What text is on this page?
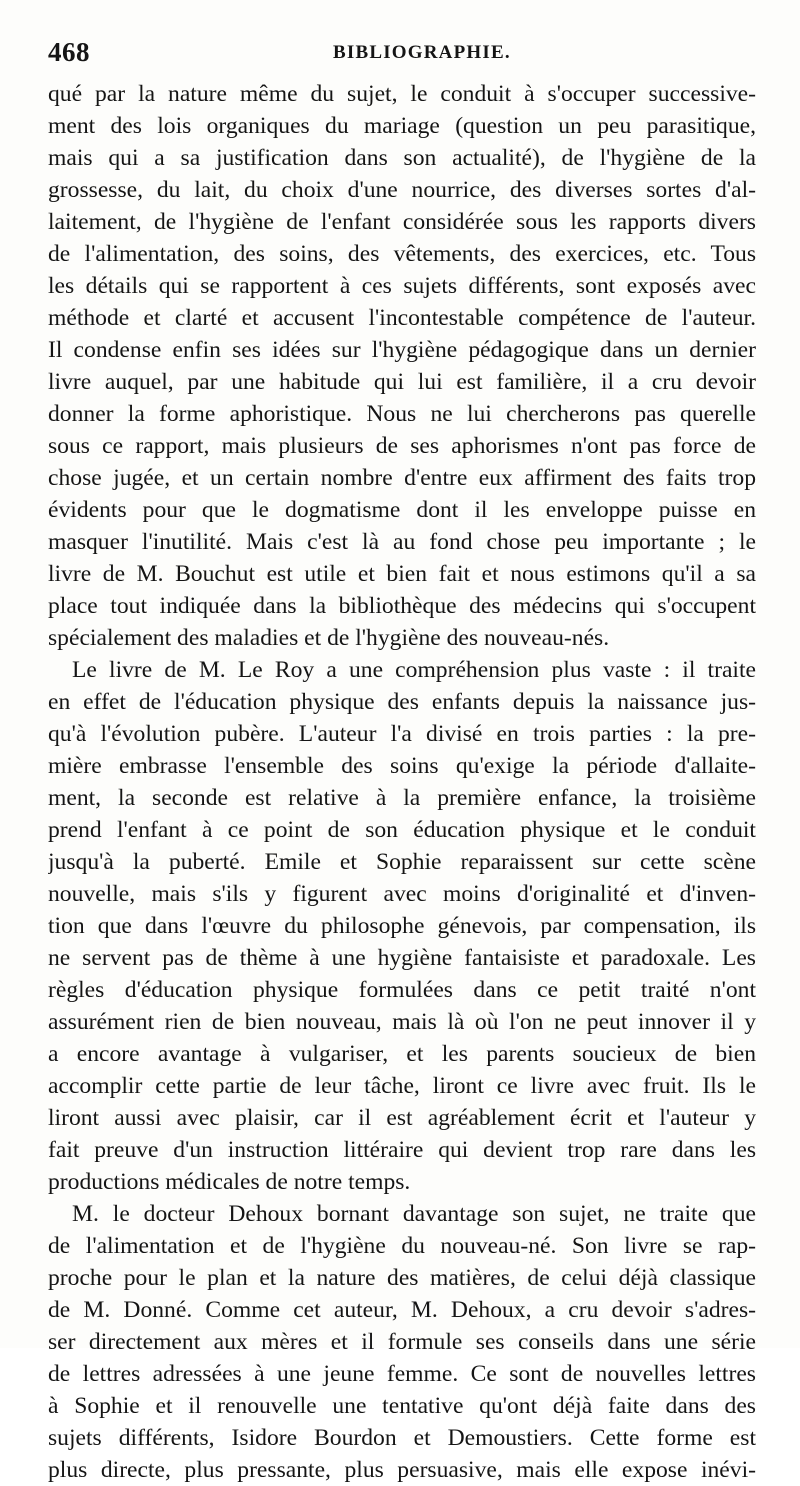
468	BIBLIOGRAPHIE.
qué par la nature même du sujet, le conduit à s'occuper successive-
ment des lois organiques du mariage (question un peu parasitique,
mais qui a sa justification dans son actualité), de l'hygiène de la
grossesse, du lait, du choix d'une nourrice, des diverses sortes d'al-
laitement, de l'hygiène de l'enfant considérée sous les rapports divers
de l'alimentation, des soins, des vêtements, des exercices, etc. Tous
les détails qui se rapportent à ces sujets différents, sont exposés avec
méthode et clarté et accusent l'incontestable compétence de l'auteur.
Il condense enfin ses idées sur l'hygiène pédagogique dans un dernier
livre auquel, par une habitude qui lui est familière, il a cru devoir
donner la forme aphoristique. Nous ne lui chercherons pas querelle
sous ce rapport, mais plusieurs de ses aphorismes n'ont pas force de
chose jugée, et un certain nombre d'entre eux affirment des faits trop
évidents pour que le dogmatisme dont il les enveloppe puisse en
masquer l'inutilité. Mais c'est là au fond chose peu importante ; le
livre de M. Bouchut est utile et bien fait et nous estimons qu'il a sa
place tout indiquée dans la bibliothèque des médecins qui s'occupent
spécialement des maladies et de l'hygiène des nouveau-nés.
Le livre de M. Le Roy a une compréhension plus vaste : il traite
en effet de l'éducation physique des enfants depuis la naissance jus-
qu'à l'évolution pubère. L'auteur l'a divisé en trois parties : la pre-
mière embrasse l'ensemble des soins qu'exige la période d'allaite-
ment, la seconde est relative à la première enfance, la troisième
prend l'enfant à ce point de son éducation physique et le conduit
jusqu'à la puberté. Emile et Sophie reparaissent sur cette scène
nouvelle, mais s'ils y figurent avec moins d'originalité et d'inven-
tion que dans l'œuvre du philosophe génevois, par compensation, ils
ne servent pas de thème à une hygiène fantaisiste et paradoxale. Les
règles d'éducation physique formulées dans ce petit traité n'ont
assurément rien de bien nouveau, mais là où l'on ne peut innover il y
a encore avantage à vulgariser, et les parents soucieux de bien
accomplir cette partie de leur tâche, liront ce livre avec fruit. Ils le
liront aussi avec plaisir, car il est agréablement écrit et l'auteur y
fait preuve d'un instruction littéraire qui devient trop rare dans les
productions médicales de notre temps.
M. le docteur Dehoux bornant davantage son sujet, ne traite que
de l'alimentation et de l'hygiène du nouveau-né. Son livre se rap-
proche pour le plan et la nature des matières, de celui déjà classique
de M. Donné. Comme cet auteur, M. Dehoux, a cru devoir s'adres-
ser directement aux mères et il formule ses conseils dans une série
de lettres adressées à une jeune femme. Ce sont de nouvelles lettres
à Sophie et il renouvelle une tentative qu'ont déjà faite dans des
sujets différents, Isidore Bourdon et Demoustiers. Cette forme est
plus directe, plus pressante, plus persuasive, mais elle expose inévi-
